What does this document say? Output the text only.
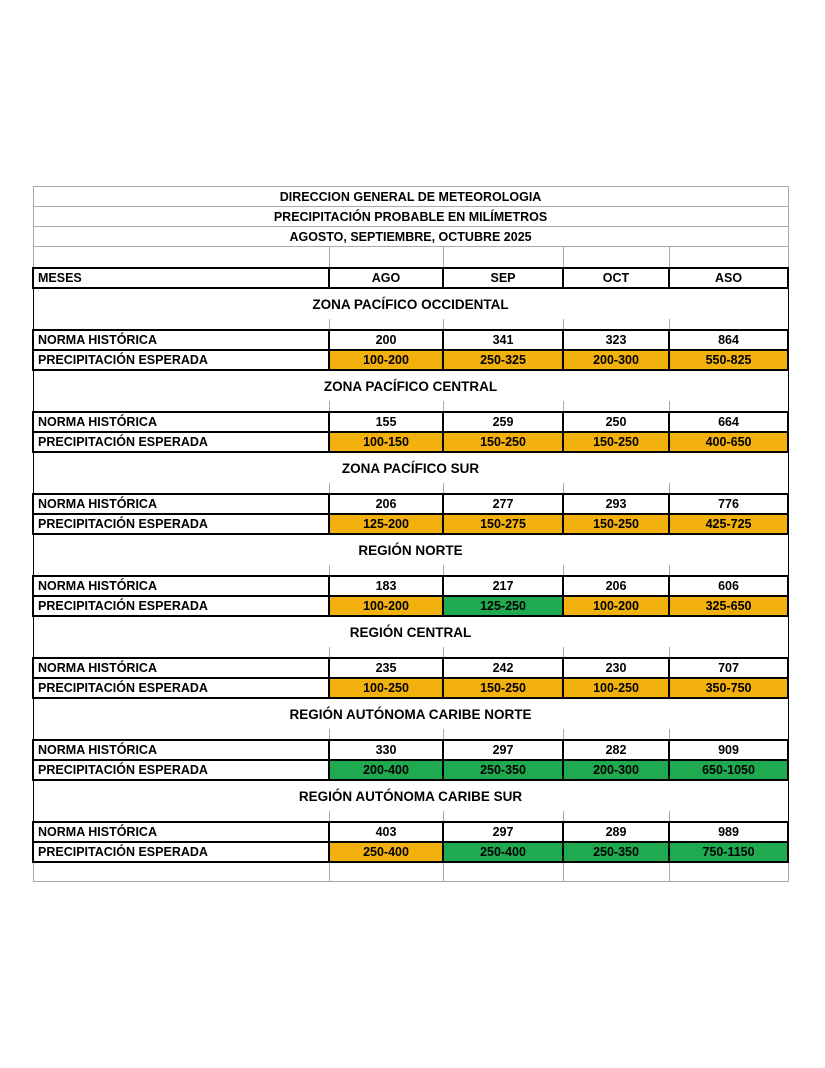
DIRECCION GENERAL DE METEOROLOGIA				
PRECIPITACIÓN PROBABLE EN MILÍMETROS				
AGOSTO, SEPTIEMBRE, OCTUBRE 2025				

MESES	AGO	SEP	OCT	ASO
ZONA PACÍFICO OCCIDENTAL				

NORMA HISTÓRICA	200	341	323	864
PRECIPITACIÓN ESPERADA	100-200	250-325	200-300	550-825
ZONA PACÍFICO CENTRAL				

NORMA HISTÓRICA	155	259	250	664
PRECIPITACIÓN ESPERADA	100-150	150-250	150-250	400-650
ZONA PACÍFICO SUR				

NORMA HISTÓRICA	206	277	293	776
PRECIPITACIÓN ESPERADA	125-200	150-275	150-250	425-725
REGIÓN NORTE				

NORMA HISTÓRICA	183	217	206	606
PRECIPITACIÓN ESPERADA	100-200	125-250	100-200	325-650
REGIÓN CENTRAL				

NORMA HISTÓRICA	235	242	230	707
PRECIPITACIÓN ESPERADA	100-250	150-250	100-250	350-750
REGIÓN AUTÓNOMA CARIBE NORTE				

NORMA HISTÓRICA	330	297	282	909
PRECIPITACIÓN ESPERADA	200-400	250-350	200-300	650-1050
REGIÓN AUTÓNOMA CARIBE SUR				

NORMA HISTÓRICA	403	297	289	989
PRECIPITACIÓN ESPERADA	250-400	250-400	250-350	750-1150
